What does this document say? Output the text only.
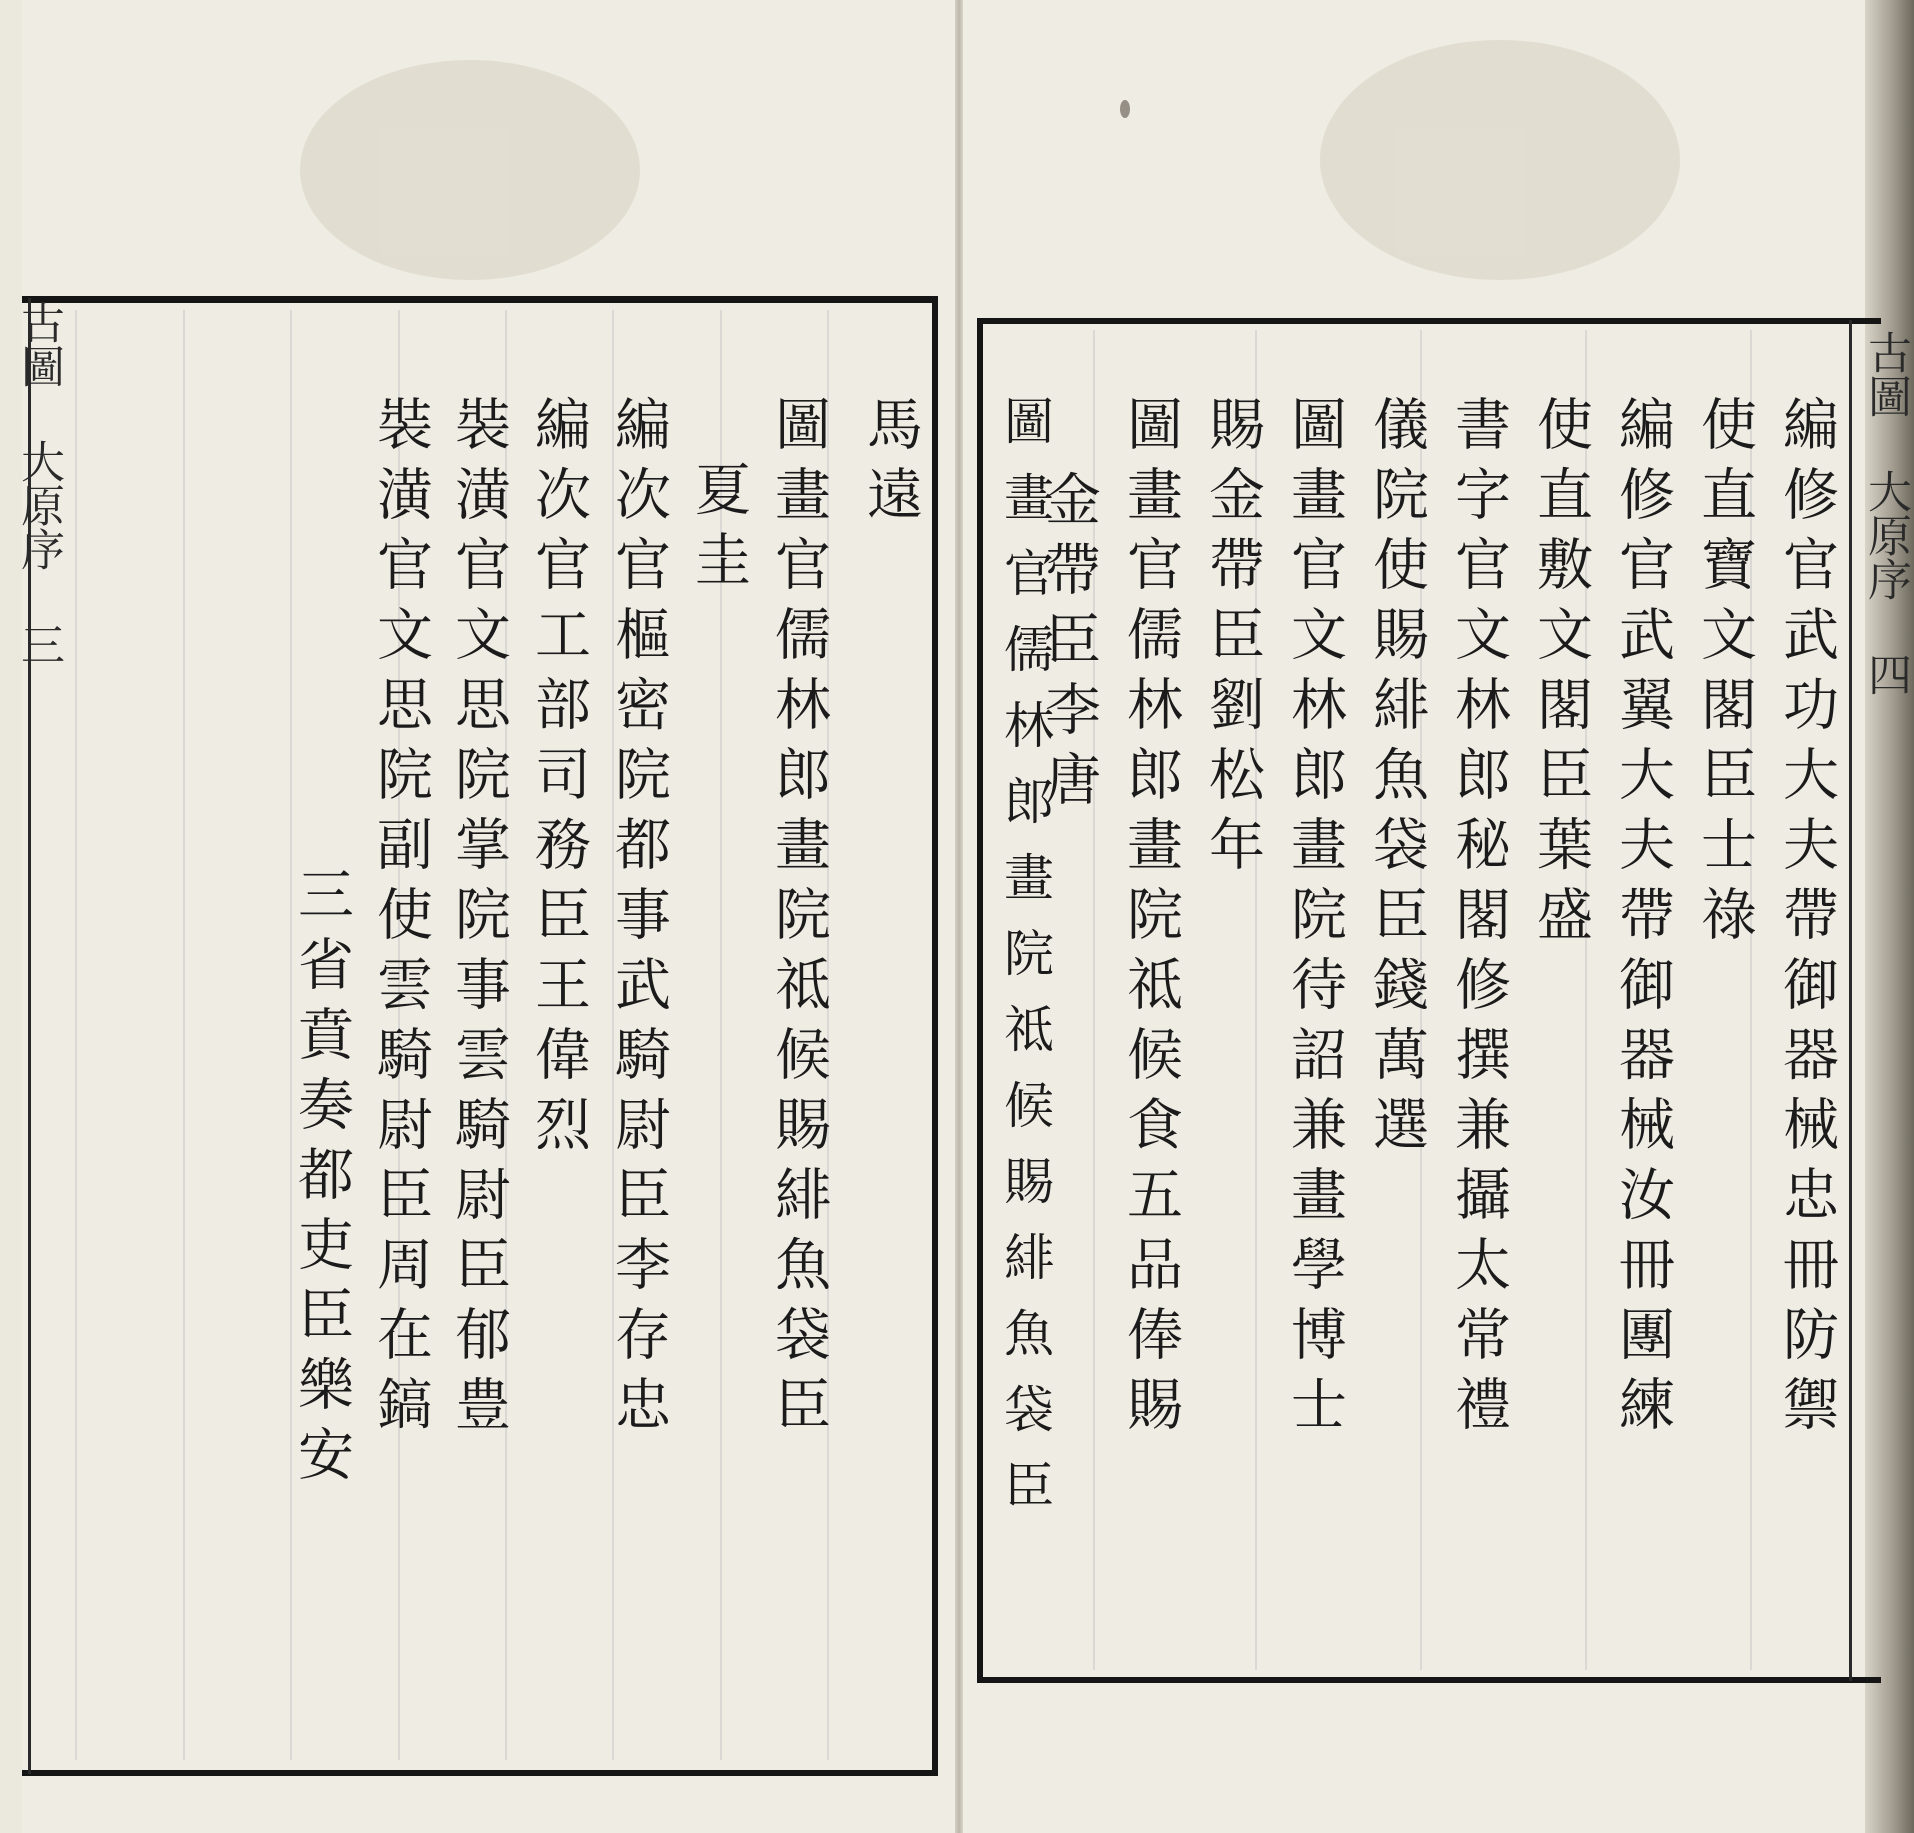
古圖 大原序 三	古圖 大原序 四
馬遠
圖畫官儒林郎畫院祗候賜緋魚袋臣
夏圭
編次官樞密院都事武騎尉臣李存忠
編次官工部司務臣王偉烈
裝潢官文思院掌院事雲騎尉臣郁豊
裝潢官文思院副使雲騎尉臣周在鎬
三省賁奏都吏臣樂安	編修官武功大夫帶御器械忠冊防禦
使直寶文閣臣士祿
編修官武翼大夫帶御器械汝冊團練
使直敷文閣臣葉盛
書字官文林郎秘閣修撰兼攝太常禮
儀院使賜緋魚袋臣錢萬選
圖畫官文林郎畫院待詔兼畫學博士
賜金帶臣劉松年
圖畫官儒林郎畫院祗候食五品俸賜
金帶臣李唐
圖畫官儒林郎畫院祗候賜緋魚袋臣
